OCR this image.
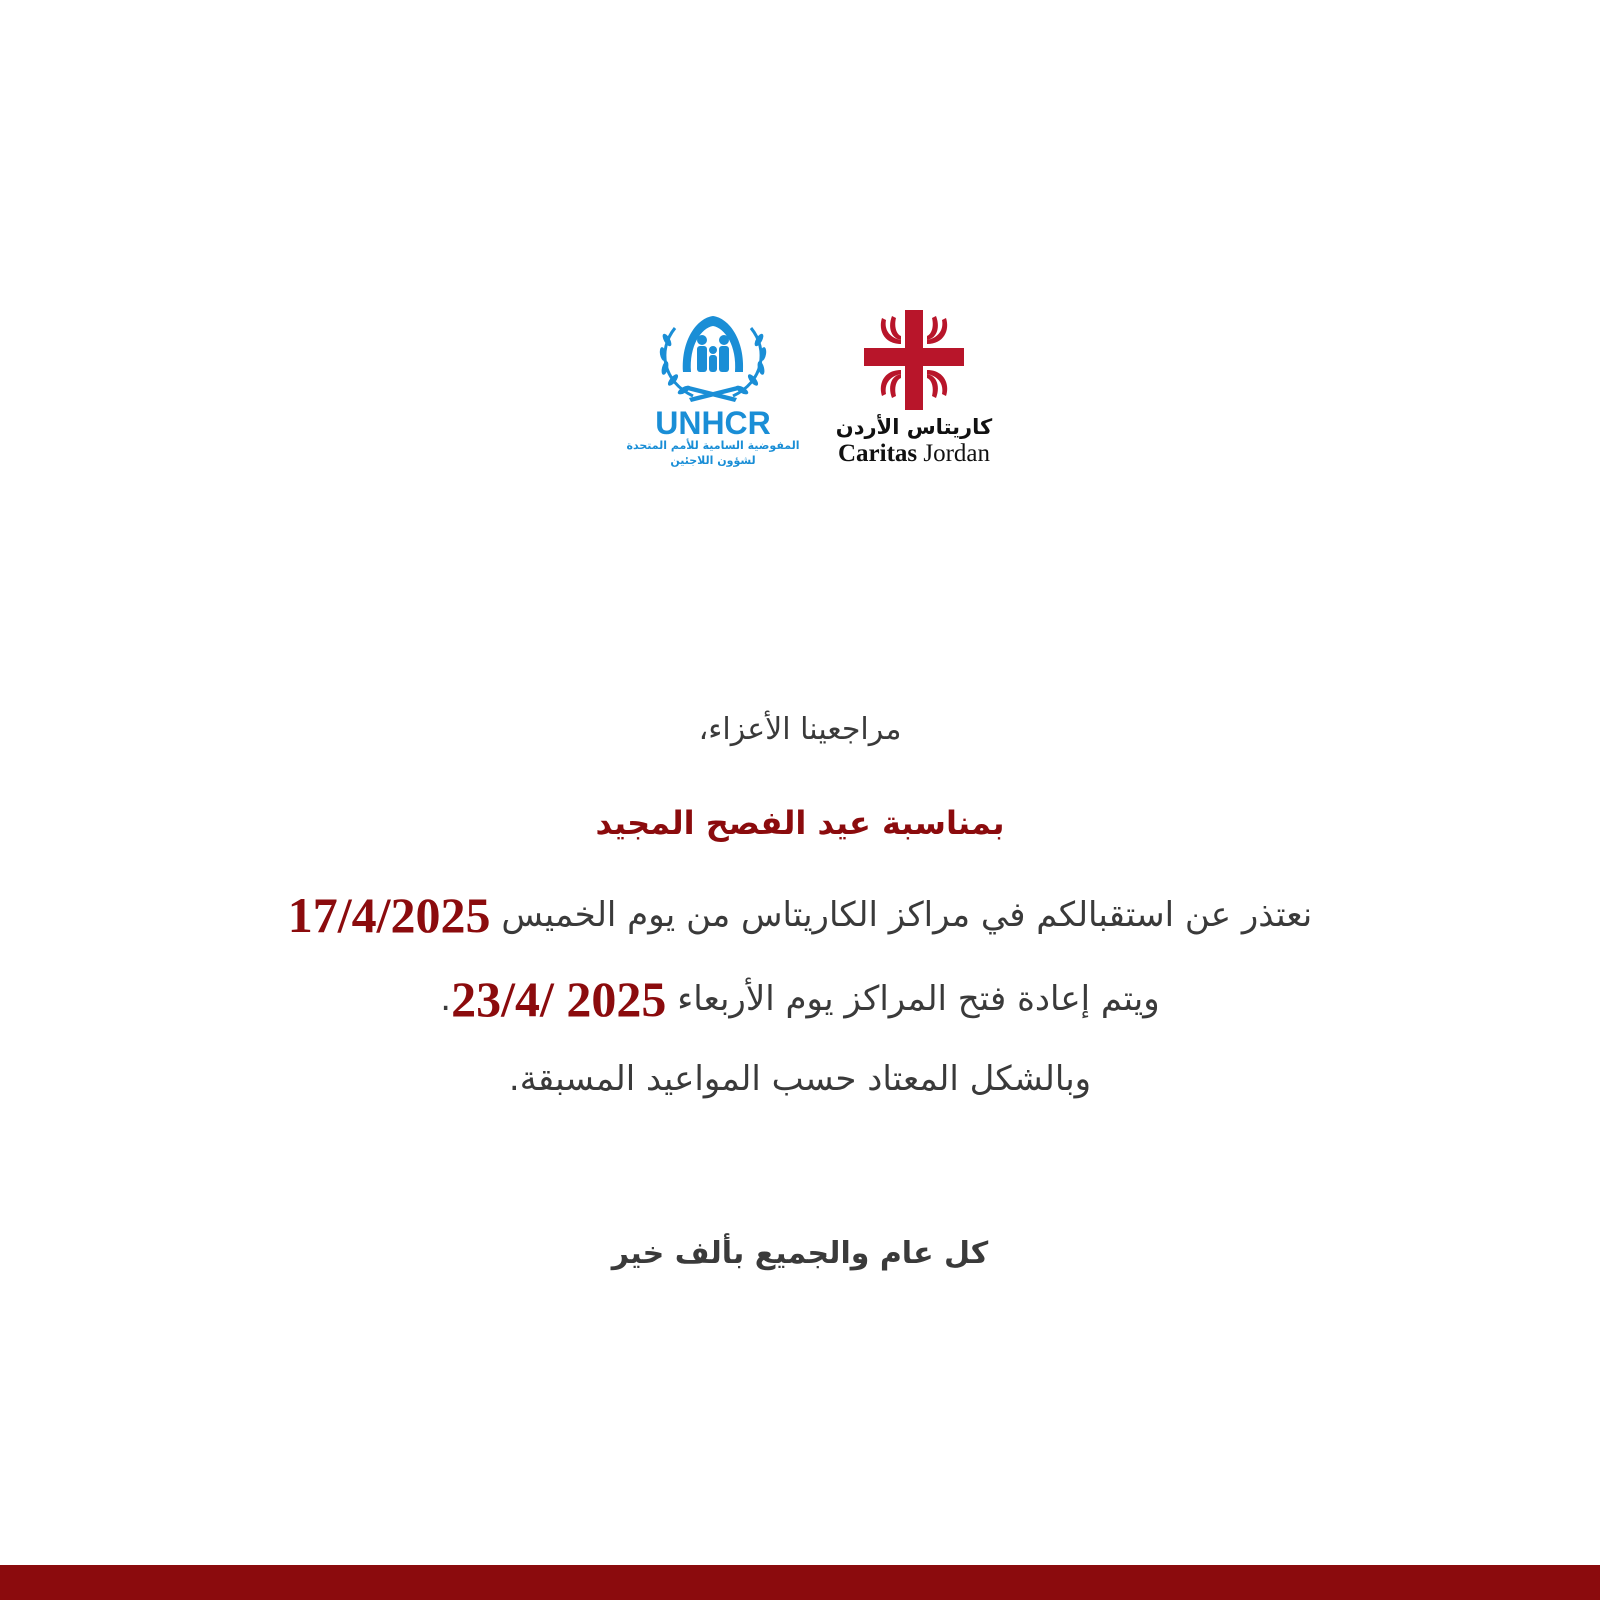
UNHCR
المفوضية السامية للأمم المتحدة
لشؤون اللاجئين
كاريتاس الأردن
Caritas Jordan
مراجعينا الأعزاء،
بمناسبة عيد الفصح المجيد
نعتذر عن استقبالكم في مراكز الكاريتاس من يوم الخميس 17/4/2025
ويتم إعادة فتح المراكز يوم الأربعاء 23/4/ 2025.
وبالشكل المعتاد حسب المواعيد المسبقة.
كل عام والجميع بألف خير
